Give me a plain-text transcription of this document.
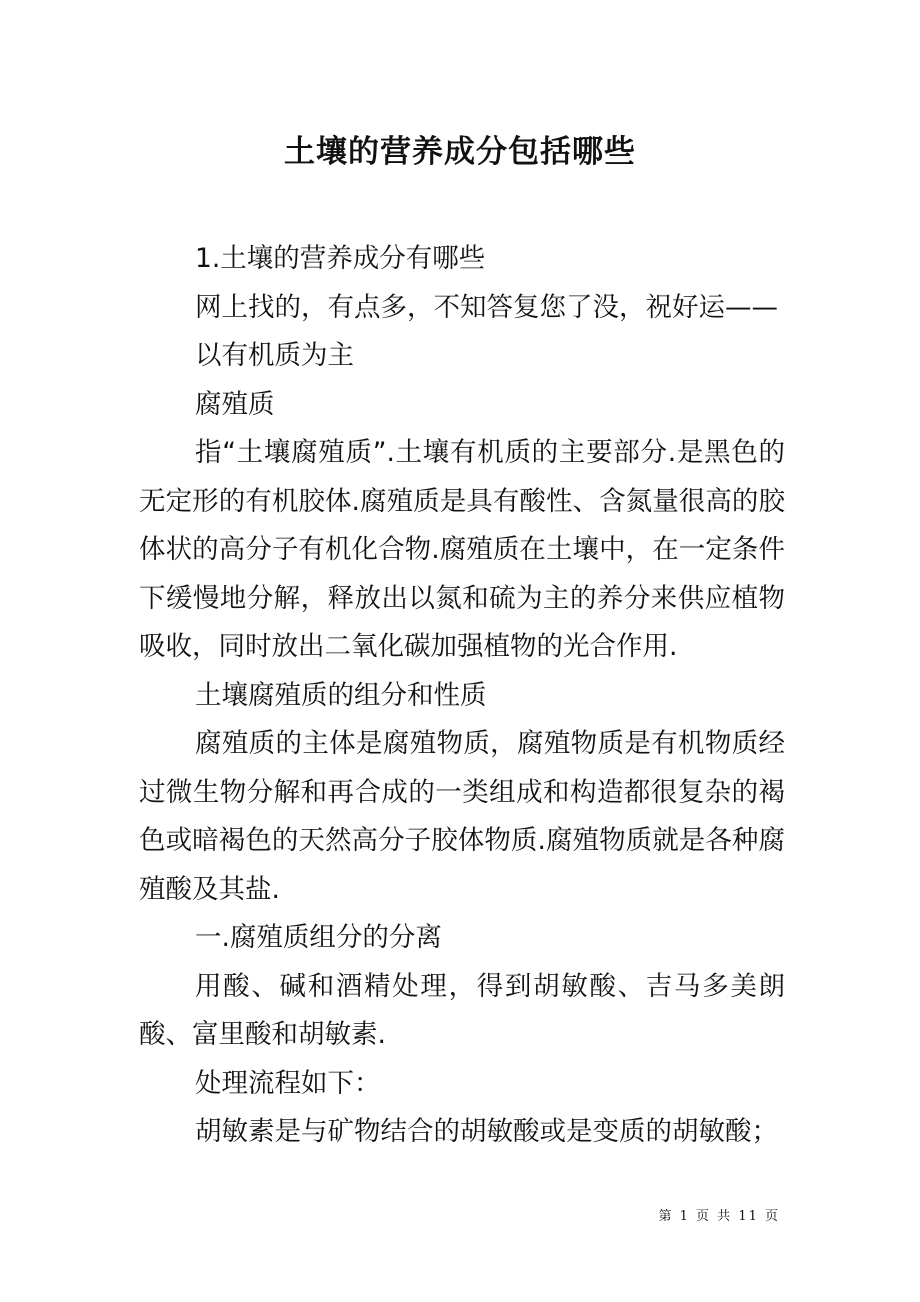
土壤的营养成分包括哪些

1.土壤的营养成分有哪些

网上找的，有点多，不知答复您了没，祝好运——

以有机质为主

腐殖质

指“土壤腐殖质”.土壤有机质的主要部分.是黑色的无定形的有机胶体.腐殖质是具有酸性、含氮量很高的胶体状的高分子有机化合物.腐殖质在土壤中，在一定条件下缓慢地分解，释放出以氮和硫为主的养分来供应植物吸收，同时放出二氧化碳加强植物的光合作用.

土壤腐殖质的组分和性质

腐殖质的主体是腐殖物质，腐殖物质是有机物质经过微生物分解和再合成的一类组成和构造都很复杂的褐色或暗褐色的天然高分子胶体物质.腐殖物质就是各种腐殖酸及其盐.

一.腐殖质组分的分离

用酸、碱和酒精处理，得到胡敏酸、吉马多美朗酸、富里酸和胡敏素.

处理流程如下：

胡敏素是与矿物结合的胡敏酸或是变质的胡敏酸；

第 1 页 共 11 页
